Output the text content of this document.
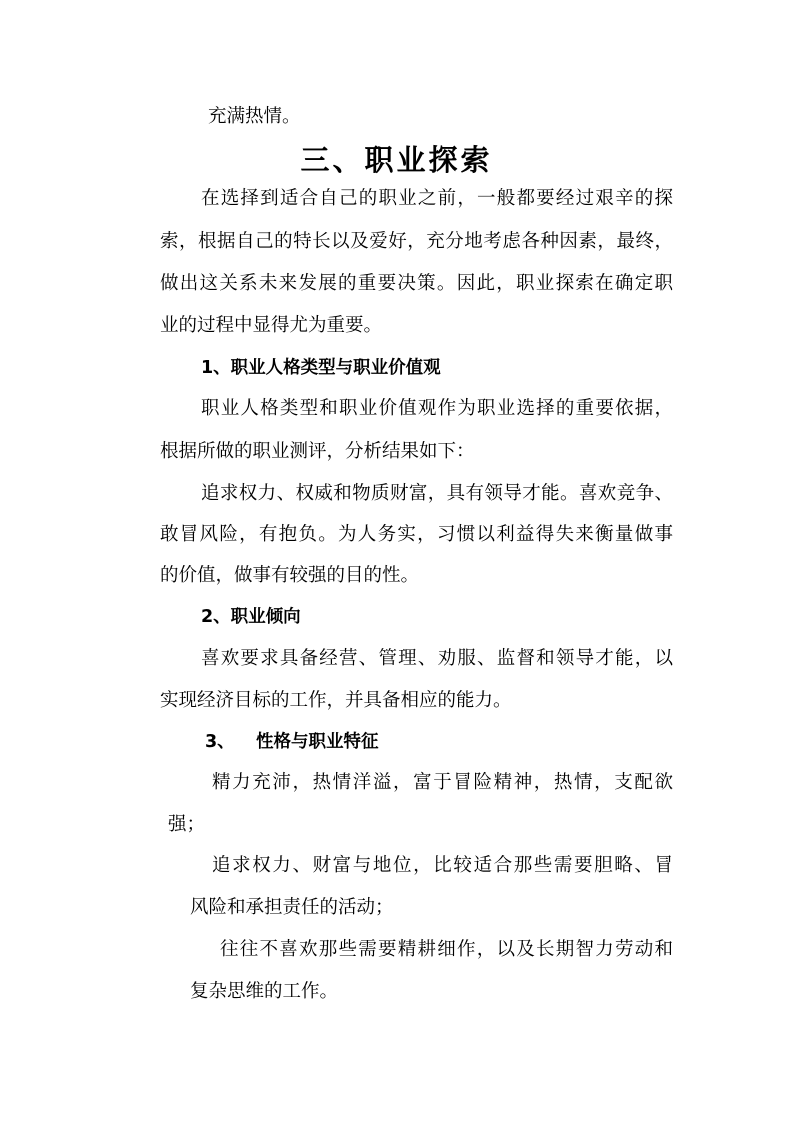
充满热情。
三、职业探索
在选择到适合自己的职业之前，一般都要经过艰辛的探
索，根据自己的特长以及爱好，充分地考虑各种因素，最终，
做出这关系未来发展的重要决策。因此，职业探索在确定职
业的过程中显得尤为重要。
1、职业人格类型与职业价值观
职业人格类型和职业价值观作为职业选择的重要依据，
根据所做的职业测评，分析结果如下：
追求权力、权威和物质财富，具有领导才能。喜欢竞争、
敢冒风险，有抱负。为人务实，习惯以利益得失来衡量做事
的价值，做事有较强的目的性。
2、职业倾向
喜欢要求具备经营、管理、劝服、监督和领导才能，以
实现经济目标的工作，并具备相应的能力。
3、 性格与职业特征
精力充沛，热情洋溢，富于冒险精神，热情，支配欲
强；
追求权力、财富与地位，比较适合那些需要胆略、冒
风险和承担责任的活动；
往往不喜欢那些需要精耕细作，以及长期智力劳动和
复杂思维的工作。
